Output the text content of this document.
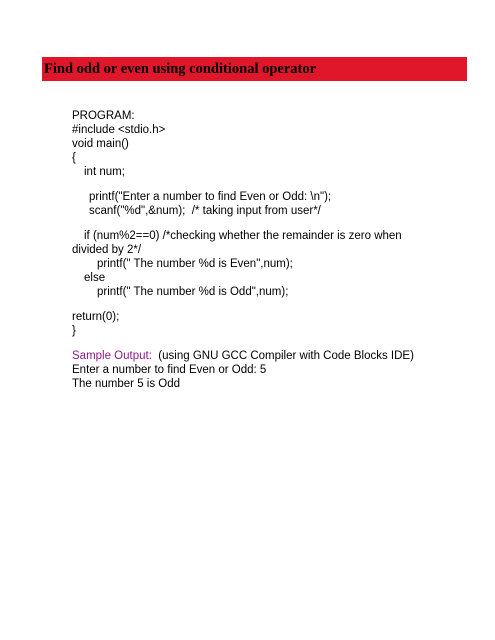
Find odd or even using conditional operator
PROGRAM:
#include <stdio.h>
void main()
{
int num;
printf("Enter a number to find Even or Odd: \n");
scanf("%d",&num);  /* taking input from user*/
if (num%2==0) /*checking whether the remainder is zero when divided by 2*/
printf(" The number %d is Even",num);
else
printf(" The number %d is Odd",num);
return(0);
}
Sample Output:  (using GNU GCC Compiler with Code Blocks IDE)
Enter a number to find Even or Odd: 5
The number 5 is Odd
